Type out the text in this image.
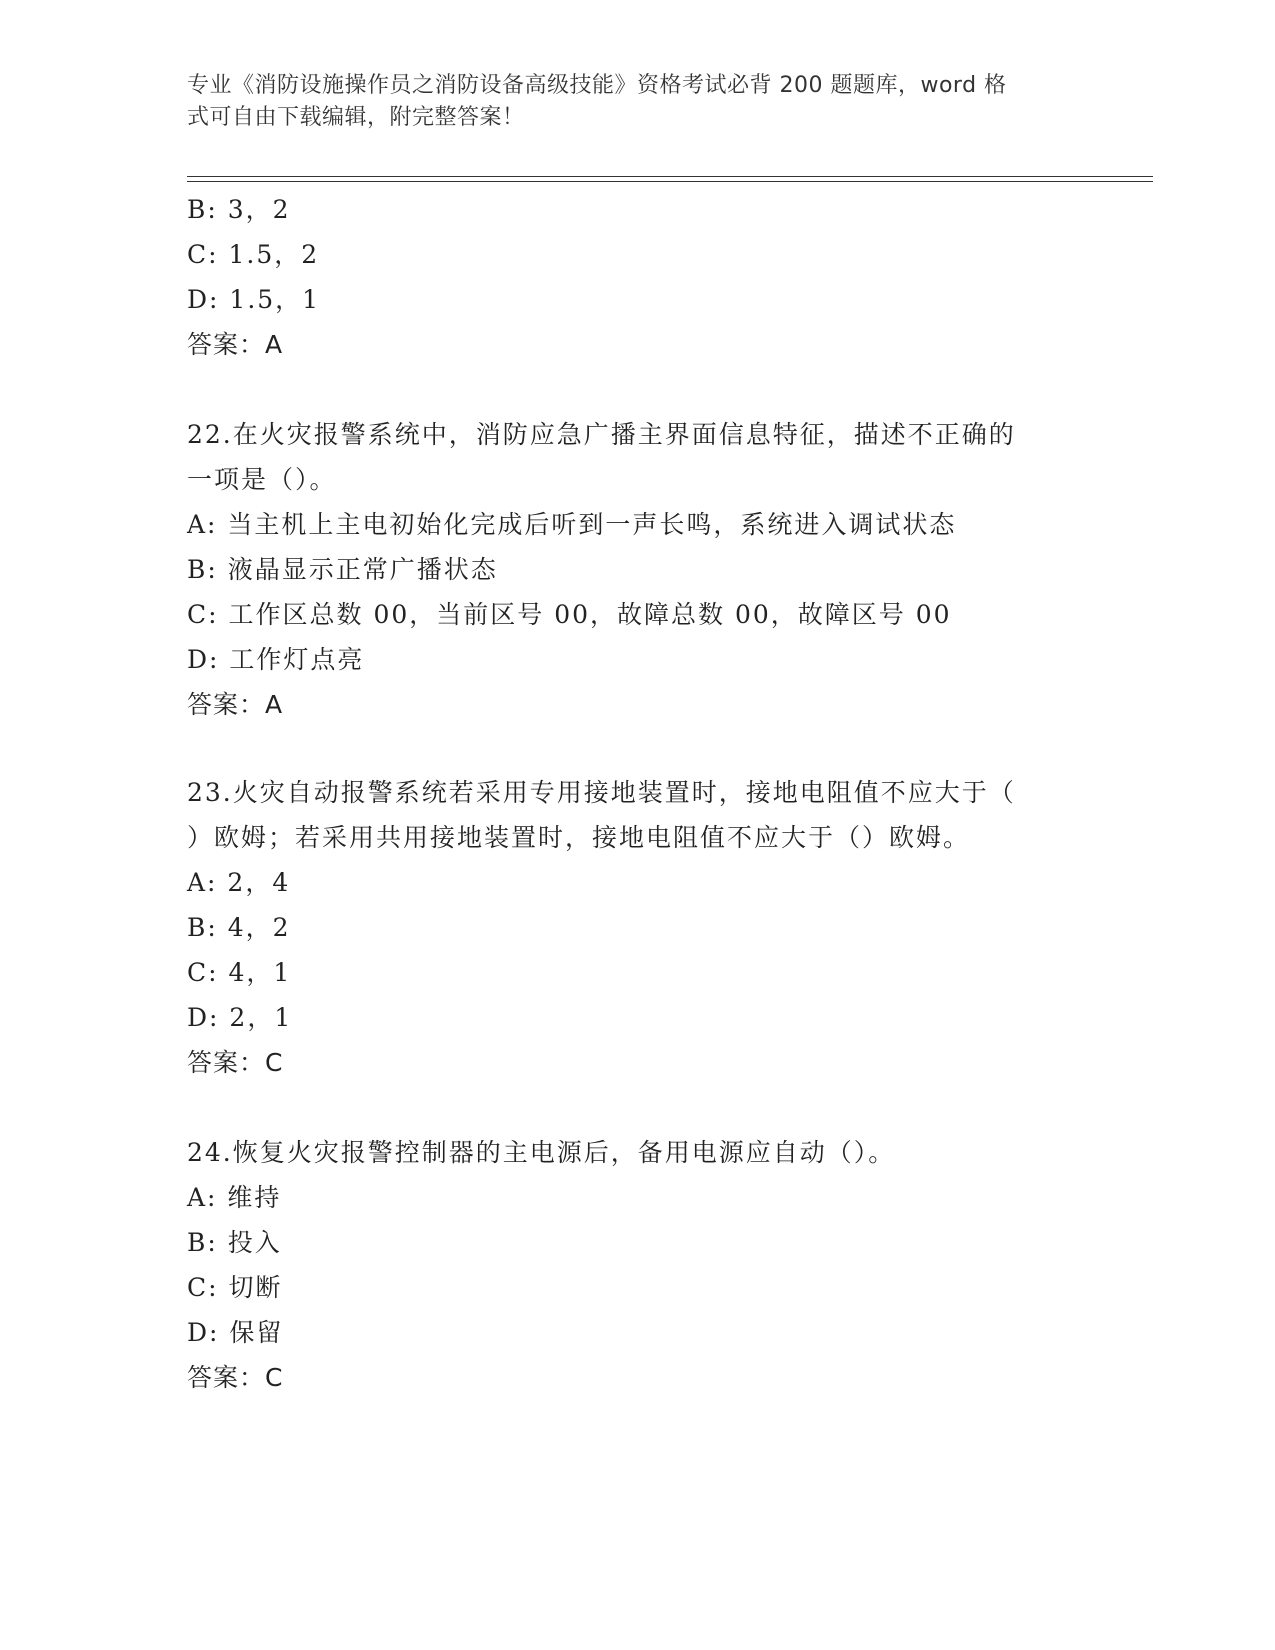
专业《消防设施操作员之消防设备高级技能》资格考试必背 200 题题库，word 格
式可自由下载编辑，附完整答案！
B: 3，2
C: 1.5，2
D: 1.5，1
答案：A
22.在火灾报警系统中，消防应急广播主界面信息特征，描述不正确的
一项是（）。
A: 当主机上主电初始化完成后听到一声长鸣，系统进入调试状态
B: 液晶显示正常广播状态
C: 工作区总数 00，当前区号 00，故障总数 00，故障区号 00
D: 工作灯点亮
答案：A
23.火灾自动报警系统若采用专用接地装置时，接地电阻值不应大于（
）欧姆；若采用共用接地装置时，接地电阻值不应大于（）欧姆。
A: 2，4
B: 4，2
C: 4，1
D: 2，1
答案：C
24.恢复火灾报警控制器的主电源后，备用电源应自动（）。
A: 维持
B: 投入
C: 切断
D: 保留
答案：C
